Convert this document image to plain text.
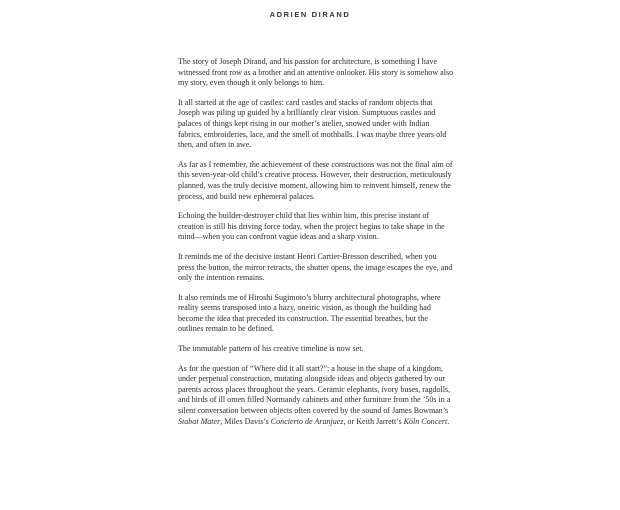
ADRIEN DIRAND

The story of Joseph Dirand, and his passion for architecture, is something I have witnessed front row as a brother and an attentive onlooker. His story is somehow also my story, even though it only belongs to him.

It all started at the age of castles: card castles and stacks of random objects that Joseph was piling up guided by a brilliantly clear vision. Sumptuous castles and palaces of things kept rising in our mother’s atelier, snowed under with Indian fabrics, embroideries, lace, and the smell of mothballs. I was maybe three years old then, and often in awe.

As far as I remember, the achievement of these constructions was not the final aim of this seven-year-old child’s creative process. However, their destruction, meticulously planned, was the truly decisive moment, allowing him to reinvent himself, renew the process, and build new ephemeral palaces.

Echoing the builder-destroyer child that lies within him, this precise instant of creation is still his driving force today, when the project begins to take shape in the mind—when you can confront vague ideas and a sharp vision.

It reminds me of the decisive instant Henri Cartier-Bresson described, when you press the button, the mirror retracts, the shutter opens, the image escapes the eye, and only the intention remains.

It also reminds me of Hiroshi Sugimoto’s blurry architectural photographs, where reality seems transposed into a hazy, oneiric vision, as though the building had become the idea that preceded its construction. The essential breathes, but the outlines remain to be defined.

The immutable pattern of his creative timeline is now set.

As for the question of “Where did it all start?”: a house in the shape of a kingdom, under perpetual construction, mutating alongside ideas and objects gathered by our parents across places throughout the years. Ceramic elephants, ivory buses, ragdolls, and birds of ill omen filled Normandy cabinets and other furniture from the ’50s in a silent conversation between objects often covered by the sound of James Bowman’s Stabat Mater, Miles Davis’s Concierto de Aranjuez, or Keith Jarrett’s Köln Concert.
